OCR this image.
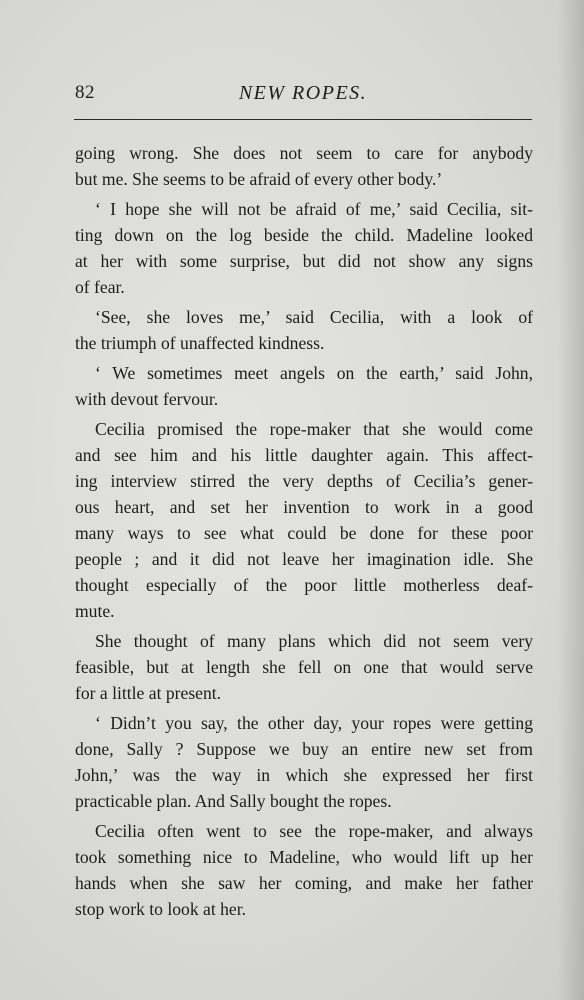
82	NEW ROPES.
going wrong. She does not seem to care for anybody
but me. She seems to be afraid of every other body.’
‘ I hope she will not be afraid of me,’ said Cecilia, sit-
ting down on the log beside the child. Madeline looked
at her with some surprise, but did not show any signs
of fear.
‘See, she loves me,’ said Cecilia, with a look of
the triumph of unaffected kindness.
‘ We sometimes meet angels on the earth,’ said John,
with devout fervour.
Cecilia promised the rope-maker that she would come
and see him and his little daughter again. This affect-
ing interview stirred the very depths of Cecilia’s gener-
ous heart, and set her invention to work in a good
many ways to see what could be done for these poor
people ; and it did not leave her imagination idle. She
thought especially of the poor little motherless deaf-
mute.
She thought of many plans which did not seem very
feasible, but at length she fell on one that would serve
for a little at present.
‘ Didn’t you say, the other day, your ropes were getting
done, Sally ? Suppose we buy an entire new set from
John,’ was the way in which she expressed her first
practicable plan. And Sally bought the ropes.
Cecilia often went to see the rope-maker, and always
took something nice to Madeline, who would lift up her
hands when she saw her coming, and make her father
stop work to look at her.
